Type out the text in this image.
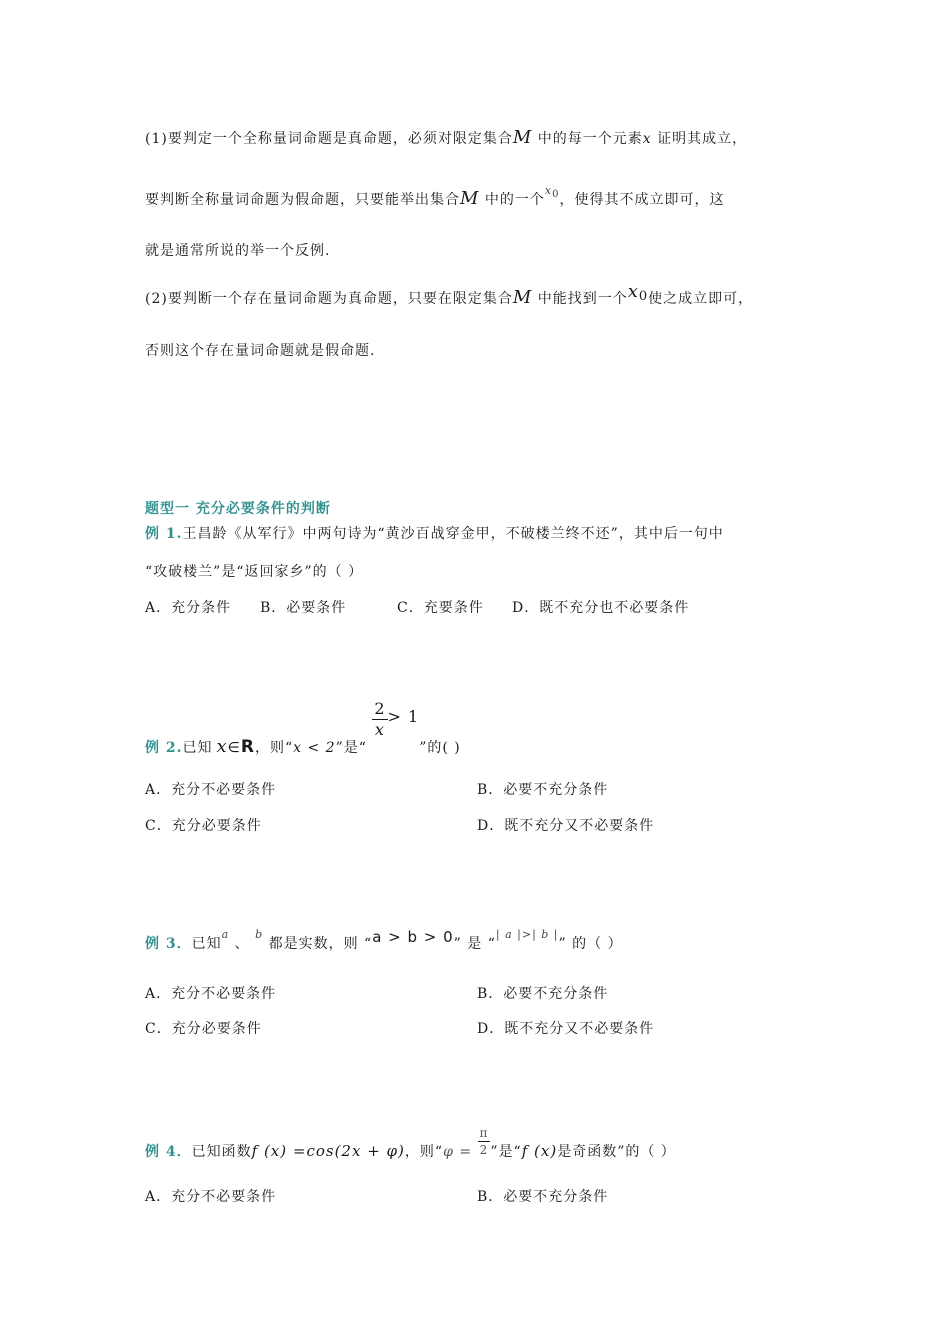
(1)要判定一个全称量词命题是真命题，必须对限定集合M 中的每一个元素x 证明其成立，
要判断全称量词命题为假命题，只要能举出集合M 中的一个$^{x0}$，使得其不成立即可，这
就是通常所说的举一个反例.
(2)要判断一个存在量词命题为真命题，只要在限定集合M 中能找到一个$x_0$使之成立即可，
否则这个存在量词命题就是假命题.
题型一 充分必要条件的判断
例 1.王昌龄《从军行》中两句诗为“黄沙百战穿金甲，不破楼兰终不还”，其中后一句中
“攻破楼兰”是“返回家乡”的（ ）
A．充分条件 B．必要条件	C．充要条件 D．既不充分也不必要条件
例 2.已知 x∈R，则“x < 2”是“
$\frac{2}{x} > 1$”的( )
A．充分不必要条件	B．必要不充分条件
C．充分必要条件	D．既不充分又不必要条件
例 3．已知$^a$ 、 $^b$ 都是实数，则 “a > b > 0” 是 “$^{| a |>| b |}$” 的（ ）
A．充分不必要条件	B．必要不充分条件
C．充分必要条件	D．既不充分又不必要条件
例 4．已知函数f (x) =cos(2x + φ)，则“$\varphi = \frac{\pi}{2}$ ”是“f (x)是奇函数”的（ ）
A．充分不必要条件	B．必要不充分条件
